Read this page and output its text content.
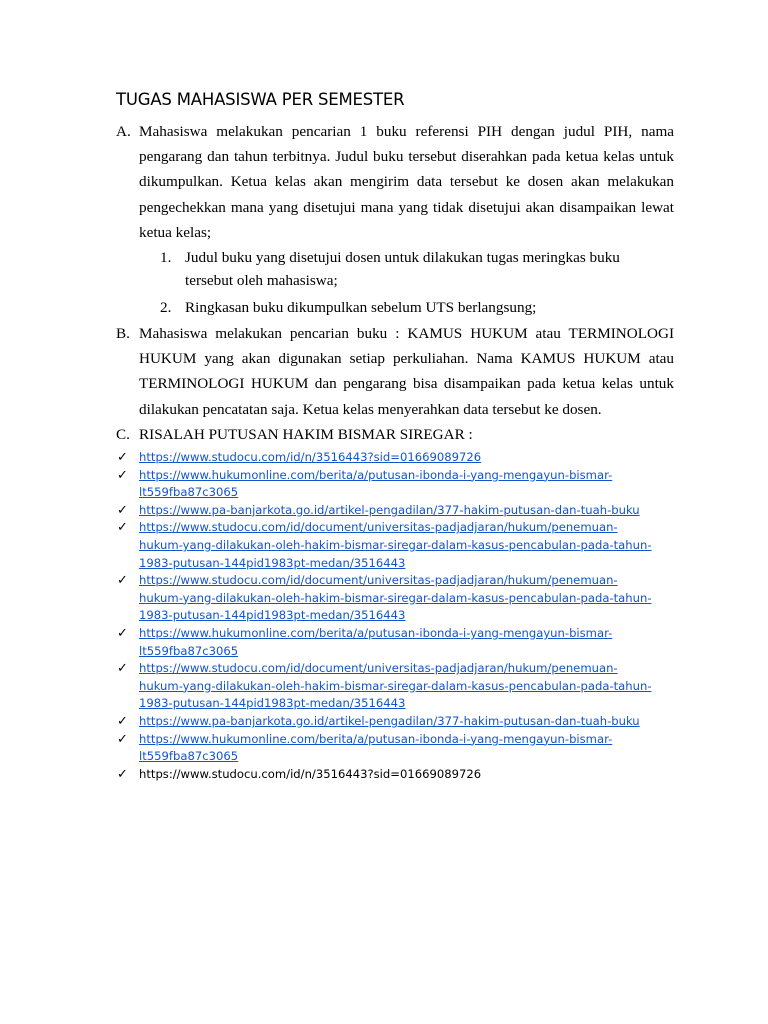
TUGAS MAHASISWA PER SEMESTER
A. Mahasiswa melakukan pencarian 1 buku referensi PIH dengan judul PIH, nama pengarang dan tahun terbitnya. Judul buku tersebut diserahkan pada ketua kelas untuk dikumpulkan. Ketua kelas akan mengirim data tersebut ke dosen akan melakukan pengechekkan mana yang disetujui mana yang tidak disetujui akan disampaikan lewat ketua kelas;
1. Judul buku yang disetujui dosen untuk dilakukan tugas meringkas buku tersebut oleh mahasiswa;
2. Ringkasan buku dikumpulkan sebelum UTS berlangsung;
B. Mahasiswa melakukan pencarian buku : KAMUS HUKUM atau TERMINOLOGI HUKUM yang akan digunakan setiap perkuliahan. Nama KAMUS HUKUM atau TERMINOLOGI HUKUM dan pengarang bisa disampaikan pada ketua kelas untuk dilakukan pencatatan saja. Ketua kelas menyerahkan data tersebut ke dosen.
C. RISALAH PUTUSAN HAKIM BISMAR SIREGAR :
✓ https://www.studocu.com/id/n/3516443?sid=01669089726
✓ https://www.hukumonline.com/berita/a/putusan-ibonda-i-yang-mengayun-bismar-
lt559fba87c3065
✓ https://www.pa-banjarkota.go.id/artikel-pengadilan/377-hakim-putusan-dan-tuah-buku
✓ https://www.studocu.com/id/document/universitas-padjadjaran/hukum/penemuan-
hukum-yang-dilakukan-oleh-hakim-bismar-siregar-dalam-kasus-pencabulan-pada-tahun-
1983-putusan-144pid1983pt-medan/3516443
✓ https://www.studocu.com/id/document/universitas-padjadjaran/hukum/penemuan-
hukum-yang-dilakukan-oleh-hakim-bismar-siregar-dalam-kasus-pencabulan-pada-tahun-
1983-putusan-144pid1983pt-medan/3516443
✓ https://www.hukumonline.com/berita/a/putusan-ibonda-i-yang-mengayun-bismar-
lt559fba87c3065
✓ https://www.studocu.com/id/document/universitas-padjadjaran/hukum/penemuan-
hukum-yang-dilakukan-oleh-hakim-bismar-siregar-dalam-kasus-pencabulan-pada-tahun-
1983-putusan-144pid1983pt-medan/3516443
✓ https://www.pa-banjarkota.go.id/artikel-pengadilan/377-hakim-putusan-dan-tuah-buku
✓ https://www.hukumonline.com/berita/a/putusan-ibonda-i-yang-mengayun-bismar-
lt559fba87c3065
✓ https://www.studocu.com/id/n/3516443?sid=01669089726
